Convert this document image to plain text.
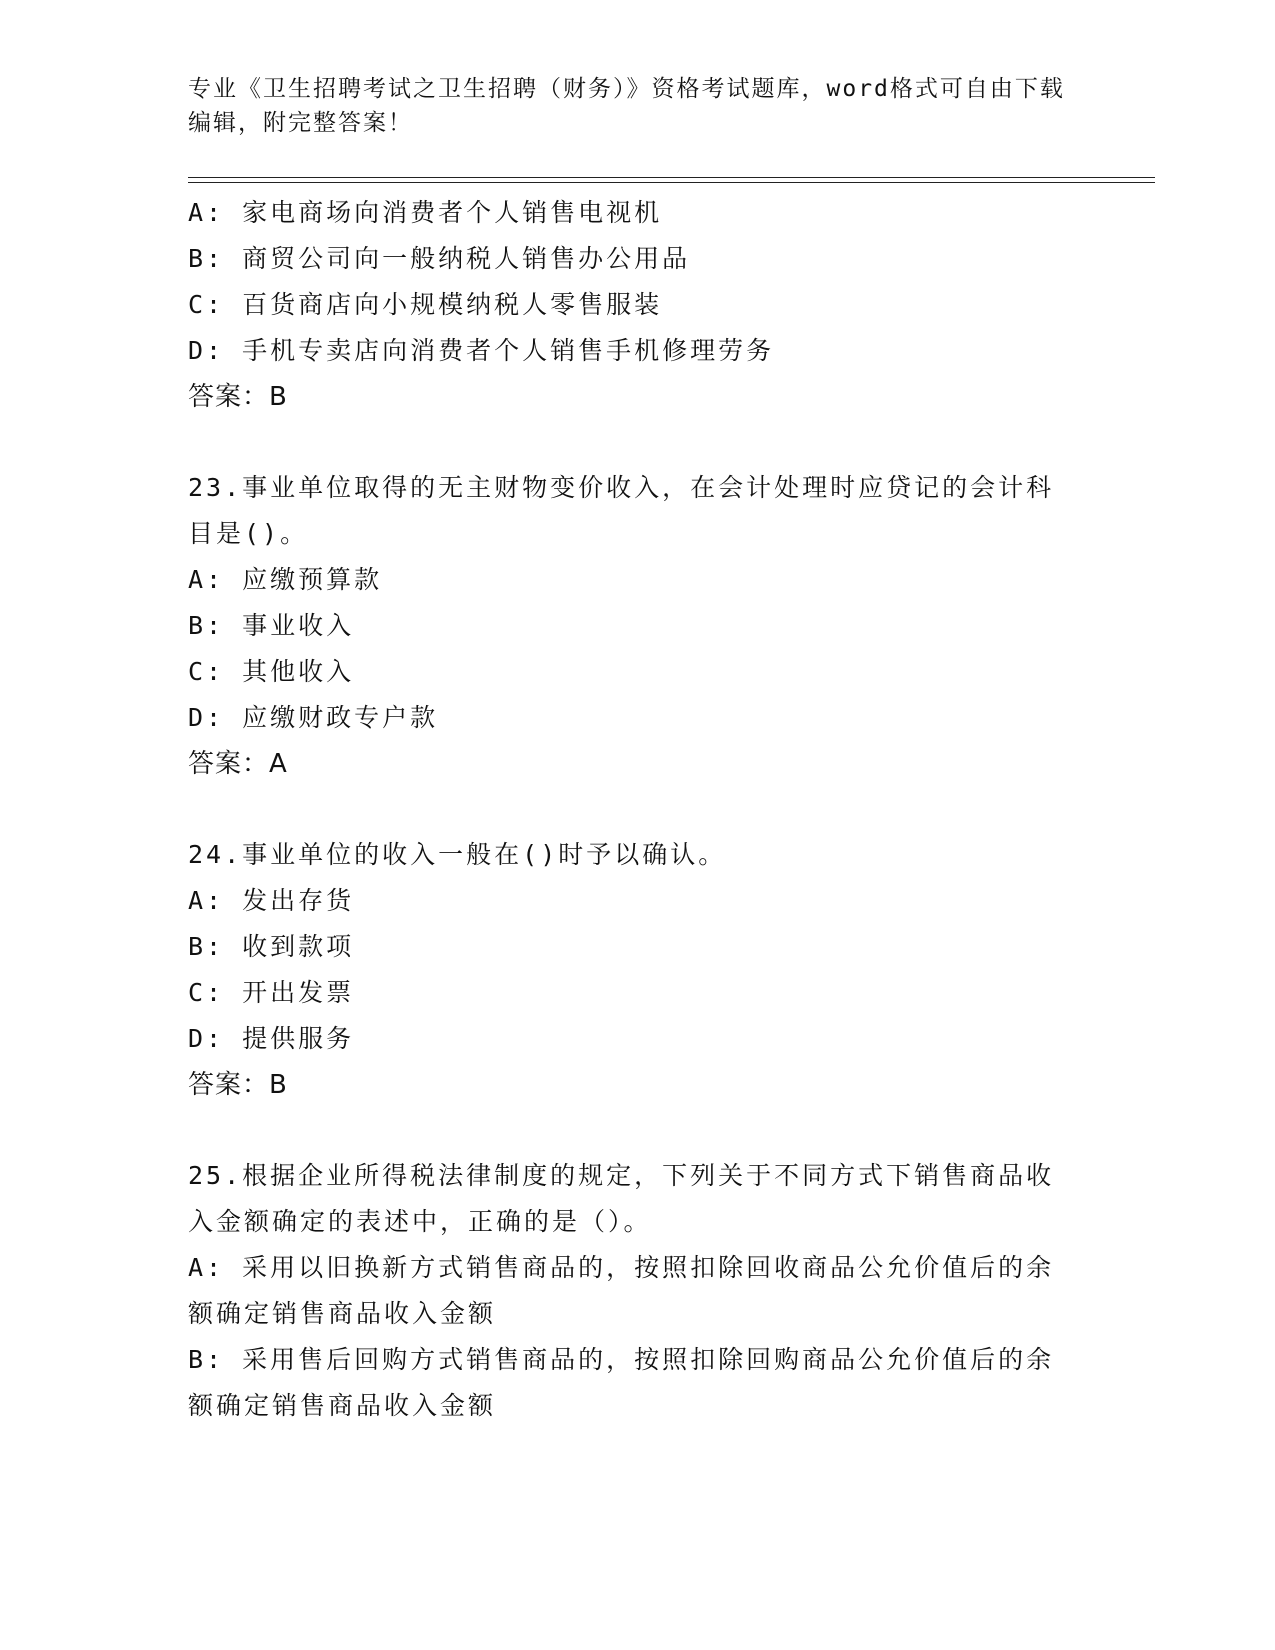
专业《卫生招聘考试之卫生招聘（财务）》资格考试题库，word格式可自由下载
编辑，附完整答案！
A: 家电商场向消费者个人销售电视机
B: 商贸公司向一般纳税人销售办公用品
C: 百货商店向小规模纳税人零售服装
D: 手机专卖店向消费者个人销售手机修理劳务
答案：B
23.事业单位取得的无主财物变价收入，在会计处理时应贷记的会计科
目是()。
A: 应缴预算款
B: 事业收入
C: 其他收入
D: 应缴财政专户款
答案：A
24.事业单位的收入一般在()时予以确认。
A: 发出存货
B: 收到款项
C: 开出发票
D: 提供服务
答案：B
25.根据企业所得税法律制度的规定，下列关于不同方式下销售商品收
入金额确定的表述中，正确的是（）。
A: 采用以旧换新方式销售商品的，按照扣除回收商品公允价值后的余
额确定销售商品收入金额
B: 采用售后回购方式销售商品的，按照扣除回购商品公允价值后的余
额确定销售商品收入金额
